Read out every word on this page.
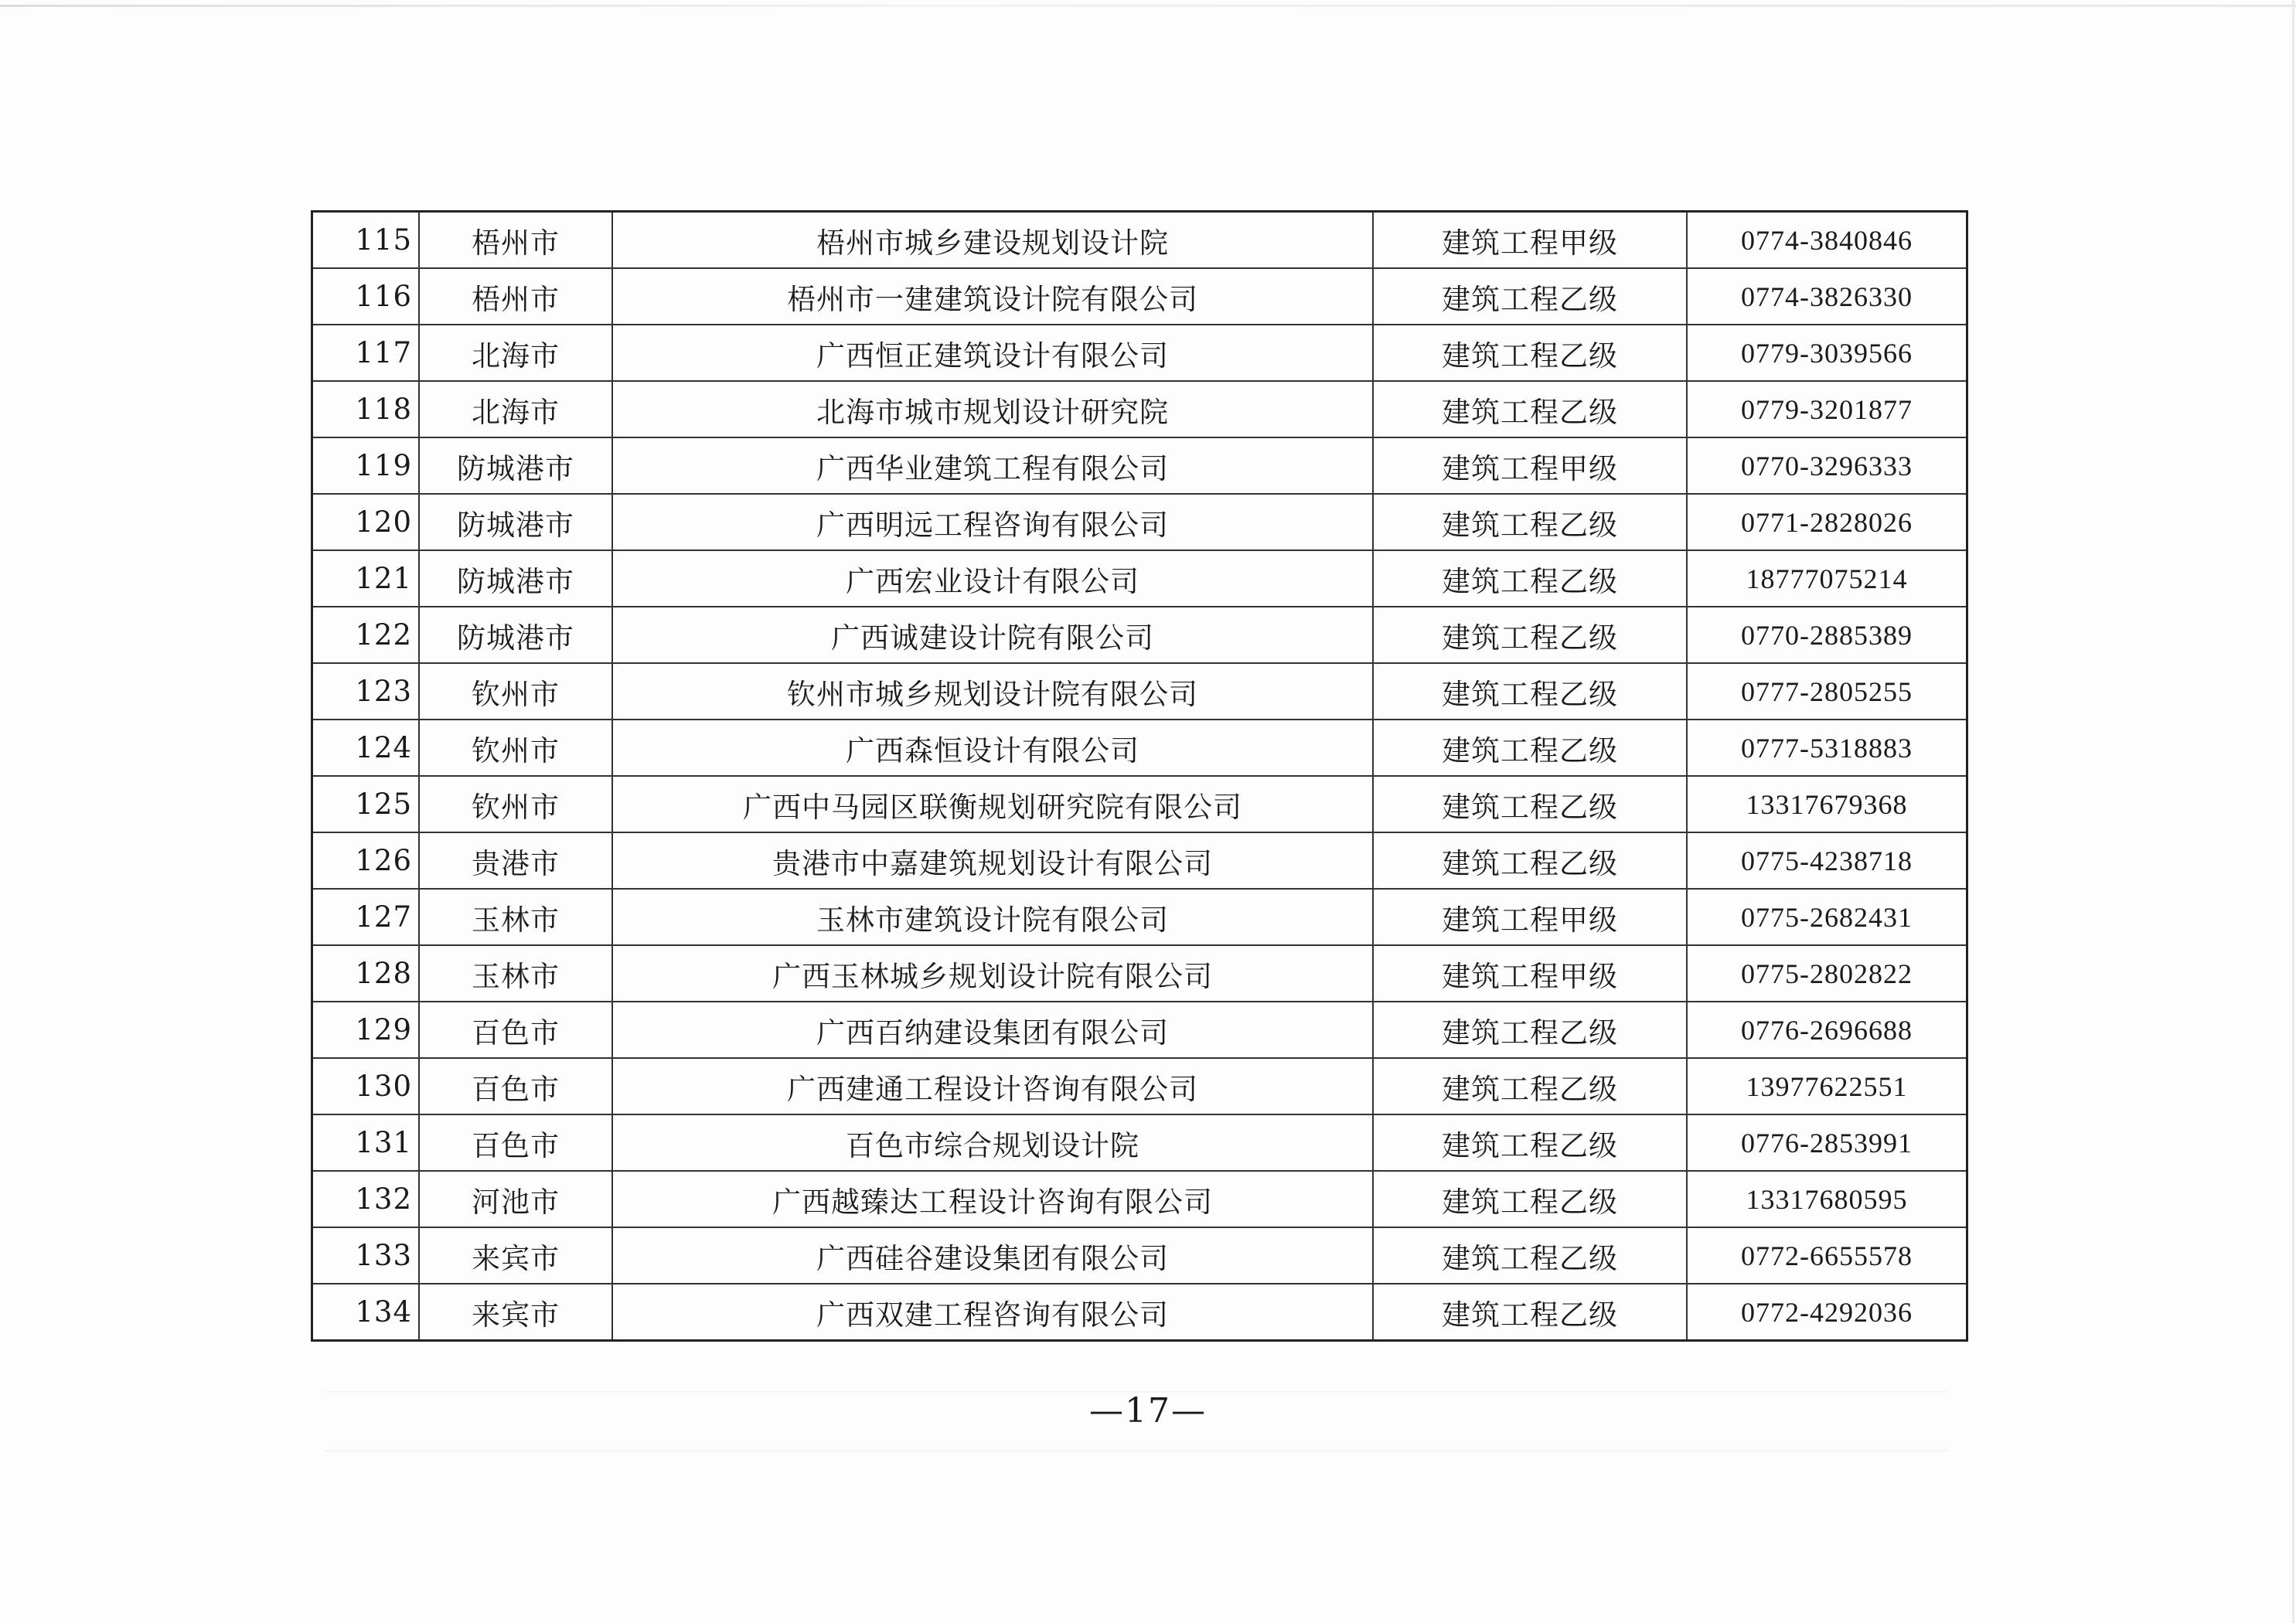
115	梧州市	梧州市城乡建设规划设计院	建筑工程甲级	0774-3840846
116	梧州市	梧州市一建建筑设计院有限公司	建筑工程乙级	0774-3826330
117	北海市	广西恒正建筑设计有限公司	建筑工程乙级	0779-3039566
118	北海市	北海市城市规划设计研究院	建筑工程乙级	0779-3201877
119	防城港市	广西华业建筑工程有限公司	建筑工程甲级	0770-3296333
120	防城港市	广西明远工程咨询有限公司	建筑工程乙级	0771-2828026
121	防城港市	广西宏业设计有限公司	建筑工程乙级	18777075214
122	防城港市	广西诚建设计院有限公司	建筑工程乙级	0770-2885389
123	钦州市	钦州市城乡规划设计院有限公司	建筑工程乙级	0777-2805255
124	钦州市	广西森恒设计有限公司	建筑工程乙级	0777-5318883
125	钦州市	广西中马园区联衡规划研究院有限公司	建筑工程乙级	13317679368
126	贵港市	贵港市中嘉建筑规划设计有限公司	建筑工程乙级	0775-4238718
127	玉林市	玉林市建筑设计院有限公司	建筑工程甲级	0775-2682431
128	玉林市	广西玉林城乡规划设计院有限公司	建筑工程甲级	0775-2802822
129	百色市	广西百纳建设集团有限公司	建筑工程乙级	0776-2696688
130	百色市	广西建通工程设计咨询有限公司	建筑工程乙级	13977622551
131	百色市	百色市综合规划设计院	建筑工程乙级	0776-2853991
132	河池市	广西越臻达工程设计咨询有限公司	建筑工程乙级	13317680595
133	来宾市	广西硅谷建设集团有限公司	建筑工程乙级	0772-6655578
134	来宾市	广西双建工程咨询有限公司	建筑工程乙级	0772-4292036
—17—
